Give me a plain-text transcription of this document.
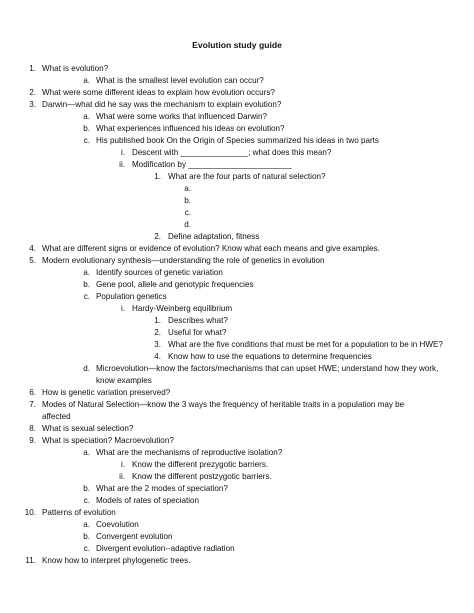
Evolution study guide
1. What is evolution?
a. What is the smallest level evolution can occur?
2. What were some different ideas to explain how evolution occurs?
3. Darwin—what did he say was the mechanism to explain evolution?
a. What were some works that influenced Darwin?
b. What experiences influenced his ideas on evolution?
c. His published book On the Origin of Species summarized his ideas in two parts
i. Descent with _______________; what does this mean?
ii. Modification by _______________________
1. What are the four parts of natural selection?
a.
b.
c.
d.
2. Define adaptation, fitness
4. What are different signs or evidence of evolution? Know what each means and give examples.
5. Modern evolutionary synthesis—understanding the role of genetics in evolution
a. Identify sources of genetic variation
b. Gene pool, allele and genotypic frequencies
c. Population genetics
i. Hardy-Weinberg equilibrium
1. Describes what?
2. Useful for what?
3. What are the five conditions that must be met for a population to be in HWE?
4. Know how to use the equations to determine frequencies
d. Microevolution—know the factors/mechanisms that can upset HWE; understand how they work,
know examples
6. How is genetic variation preserved?
7. Modes of Natural Selection—know the 3 ways the frequency of heritable traits in a population may be
affected
8. What is sexual selection?
9. What is speciation? Macroevolution?
a. What are the mechanisms of reproductive isolation?
i. Know the different prezygotic barriers.
ii. Know the different postzygotic barriers.
b. What are the 2 modes of speciation?
c. Models of rates of speciation
10. Patterns of evolution
a. Coevolution
b. Convergent evolution
c. Divergent evolution--adaptive radiation
11. Know how to interpret phylogenetic trees.
